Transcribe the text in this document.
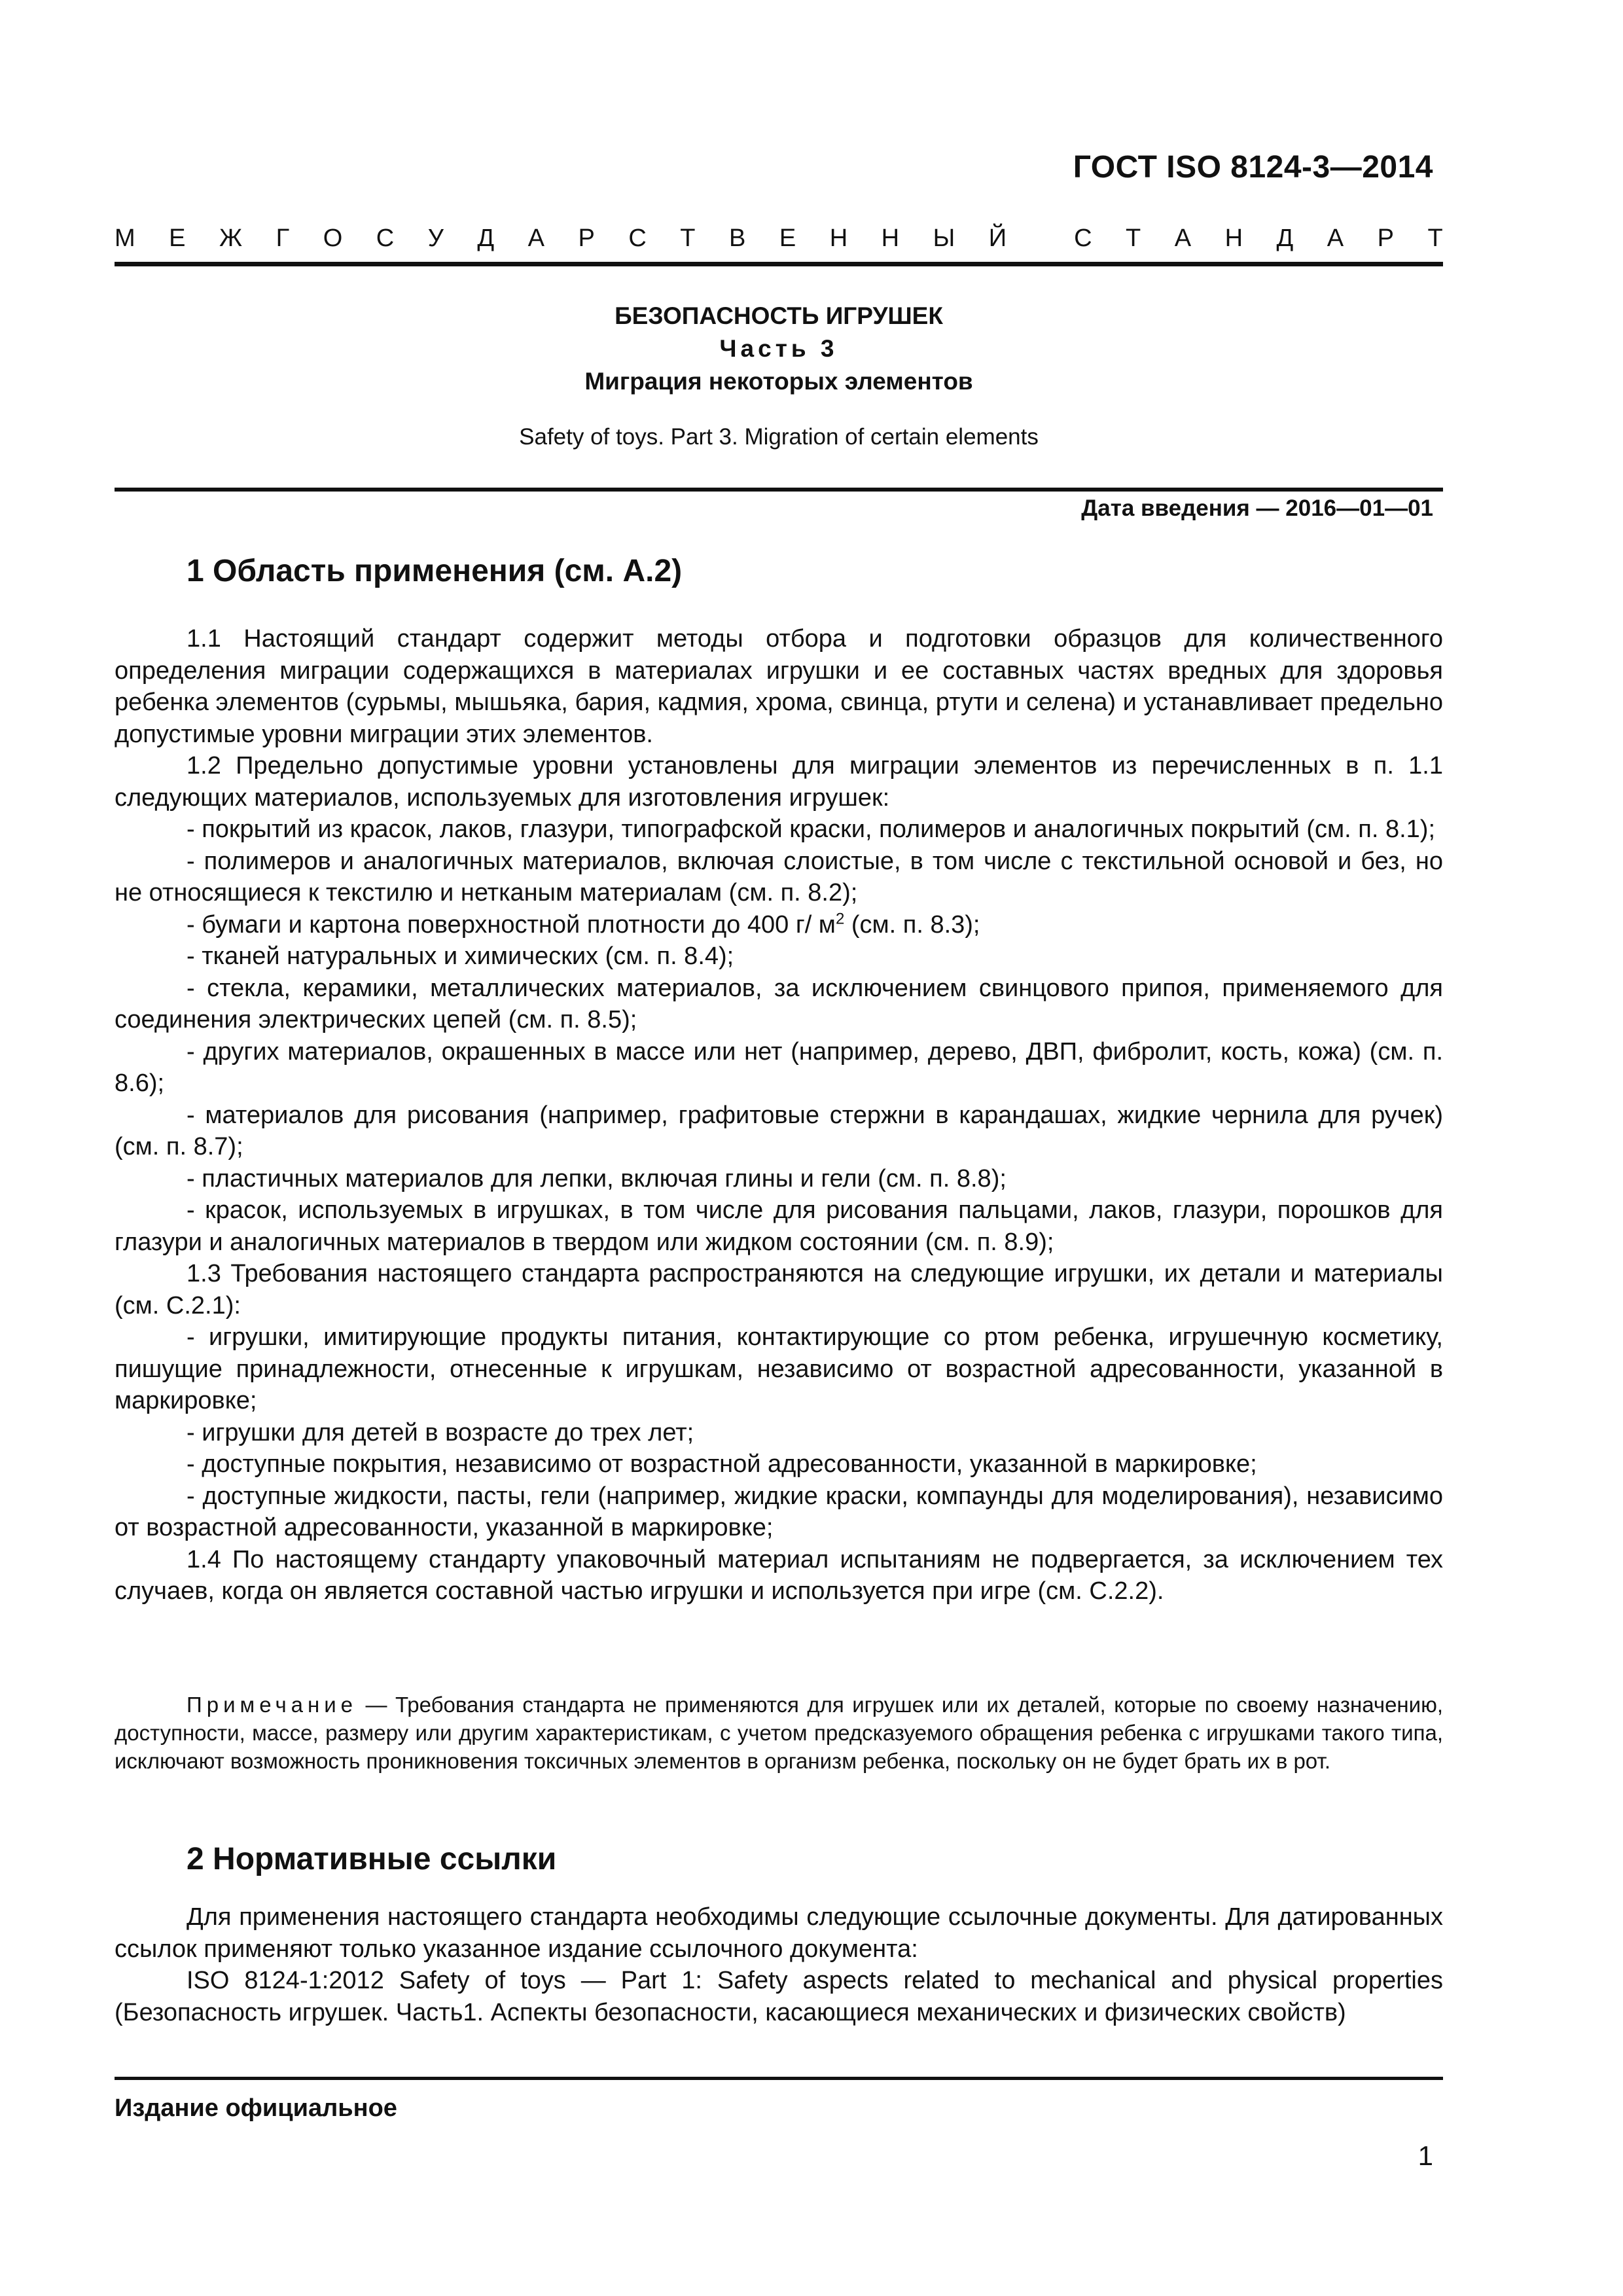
ГОСТ ISO 8124-3—2014
М Е Ж Г О С У Д А Р С Т В Е Н Н Ы Й	С Т А Н Д А Р Т
БЕЗОПАСНОСТЬ ИГРУШЕК
Часть 3
Миграция некоторых элементов
Safety of toys. Part 3. Migration of certain elements
Дата введения — 2016—01—01
1 Область применения (см. А.2)

1.1 Настоящий стандарт содержит методы отбора и подготовки образцов для количественного определения миграции содержащихся в материалах игрушки и ее составных частях вредных для здоровья ребенка элементов (сурьмы, мышьяка, бария, кадмия, хрома, свинца, ртути и селена) и устанавливает предельно допустимые уровни миграции этих элементов.

1.2 Предельно допустимые уровни установлены для миграции элементов из перечисленных в п. 1.1 следующих материалов, используемых для изготовления игрушек:

- покрытий из красок, лаков, глазури, типографской краски, полимеров и аналогичных покрытий (см. п. 8.1);

- полимеров и аналогичных материалов, включая слоистые, в том числе с текстильной основой и без, но не относящиеся к текстилю и нетканым материалам (см. п. 8.2);

- бумаги и картона поверхностной плотности до 400 г/ $м^2$ (см. п. 8.3);

- тканей натуральных и химических (см. п. 8.4);

- стекла, керамики, металлических материалов, за исключением свинцового припоя, применяемого для соединения электрических цепей (см. п. 8.5);

- других материалов, окрашенных в массе или нет (например, дерево, ДВП, фибролит, кость, кожа) (см. п. 8.6);

- материалов для рисования (например, графитовые стержни в карандашах, жидкие чернила для ручек) (см. п. 8.7);

- пластичных материалов для лепки, включая глины и гели (см. п. 8.8);

- красок, используемых в игрушках, в том числе для рисования пальцами, лаков, глазури, порошков для глазури и аналогичных материалов в твердом или жидком состоянии (см. п. 8.9);

1.3 Требования настоящего стандарта распространяются на следующие игрушки, их детали и материалы (см. С.2.1):

- игрушки, имитирующие продукты питания, контактирующие со ртом ребенка, игрушечную косметику, пишущие принадлежности, отнесенные к игрушкам, независимо от возрастной адресованности, указанной в маркировке;

- игрушки для детей в возрасте до трех лет;

- доступные покрытия, независимо от возрастной адресованности, указанной в маркировке;

- доступные жидкости, пасты, гели (например, жидкие краски, компаунды для моделирования), независимо от возрастной адресованности, указанной в маркировке;

1.4 По настоящему стандарту упаковочный материал испытаниям не подвергается, за исключением тех случаев, когда он является составной частью игрушки и используется при игре (см. С.2.2).

Примечание — Требования стандарта не применяются для игрушек или их деталей, которые по своему назначению, доступности, массе, размеру или другим характеристикам, с учетом предсказуемого обращения ребенка с игрушками такого типа, исключают возможность проникновения токсичных элементов в организм ребенка, поскольку он не будет брать их в рот.

2 Нормативные ссылки

Для применения настоящего стандарта необходимы следующие ссылочные документы. Для датированных ссылок применяют только указанное издание ссылочного документа:

ISO 8124-1:2012 Safety of toys — Part 1: Safety aspects related to mechanical and physical properties (Безопасность игрушек. Часть1. Аспекты безопасности, касающиеся механических и физических свойств)

Издание официальное
1
